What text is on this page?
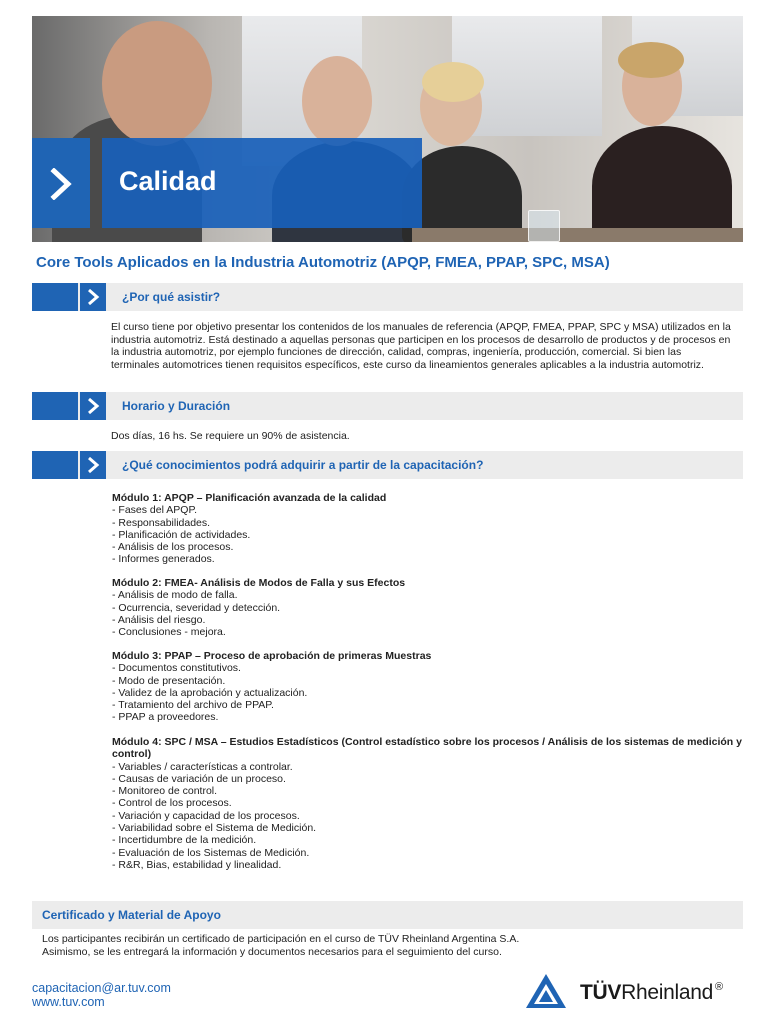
Calidad
Core Tools Aplicados en la Industria Automotriz (APQP, FMEA, PPAP, SPC, MSA)
¿Por qué asistir?
El curso tiene por objetivo presentar los contenidos de los manuales de referencia (APQP, FMEA, PPAP, SPC y MSA) utilizados en la industria automotriz. Está destinado a aquellas personas que participen en los procesos de desarrollo de productos y de procesos en la industria automotriz, por ejemplo funciones de dirección, calidad, compras, ingeniería, producción, comercial. Si bien las terminales automotrices tienen requisitos específicos, este curso da lineamientos generales aplicables a la industria automotriz.
Horario y Duración
Dos días, 16 hs. Se requiere un 90% de asistencia.
¿Qué conocimientos podrá adquirir a partir de la capacitación?
Módulo 1: APQP – Planificación avanzada de la calidad
- Fases del APQP.
- Responsabilidades.
- Planificación de actividades.
- Análisis de los procesos.
- Informes generados.
Módulo 2: FMEA- Análisis de Modos de Falla y sus Efectos
- Análisis de modo de falla.
- Ocurrencia, severidad y detección.
- Análisis del riesgo.
- Conclusiones - mejora.
Módulo 3: PPAP – Proceso de aprobación de primeras Muestras
- Documentos constitutivos.
- Modo de presentación.
- Validez de la aprobación y actualización.
- Tratamiento del archivo de PPAP.
- PPAP a proveedores.
Módulo 4: SPC / MSA – Estudios Estadísticos (Control estadístico sobre los procesos / Análisis de los sistemas de medición y control)
- Variables / características a controlar.
- Causas de variación de un proceso.
- Monitoreo de control.
- Control de los procesos.
- Variación y capacidad de los procesos.
- Variabilidad sobre el Sistema de Medición.
- Incertidumbre de la medición.
- Evaluación de los Sistemas de Medición.
- R&R, Bias, estabilidad y linealidad.
Certificado y Material de Apoyo
Los participantes recibirán un certificado de participación en el curso de TÜV Rheinland Argentina S.A.
Asimismo, se les entregará la información y documentos necesarios para el seguimiento del curso.
capacitacion@ar.tuv.com
www.tuv.com	TÜVRheinland ®
